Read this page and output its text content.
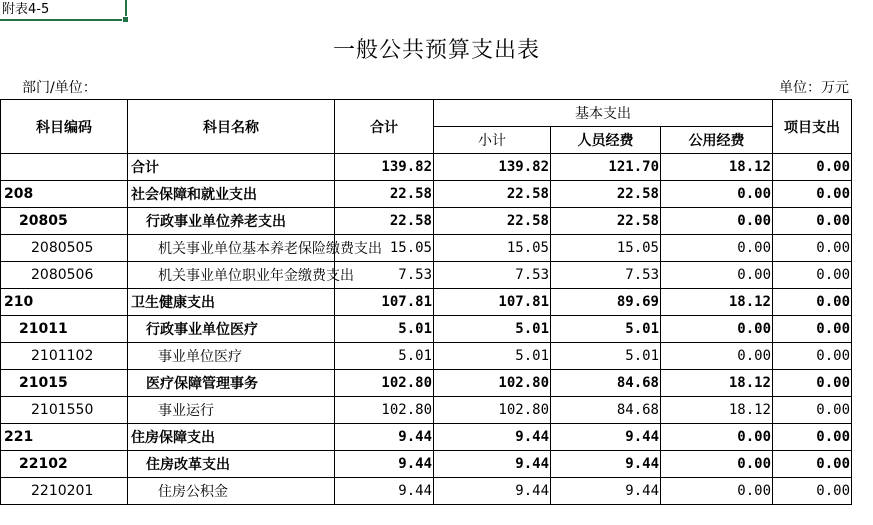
附表4-5
一般公共预算支出表
部门/单位：	单位：万元
科目编码	科目名称	合计	基本支出			项目支出
			小计	人员经费	公用经费	
	合计	139.82	139.82	121.70	18.12	0.00
208	社会保障和就业支出	22.58	22.58	22.58	0.00	0.00
20805	行政事业单位养老支出	22.58	22.58	22.58	0.00	0.00
2080505	机关事业单位基本养老保险缴费支出	15.05	15.05	15.05	0.00	0.00
2080506	机关事业单位职业年金缴费支出	7.53	7.53	7.53	0.00	0.00
210	卫生健康支出	107.81	107.81	89.69	18.12	0.00
21011	行政事业单位医疗	5.01	5.01	5.01	0.00	0.00
2101102	事业单位医疗	5.01	5.01	5.01	0.00	0.00
21015	医疗保障管理事务	102.80	102.80	84.68	18.12	0.00
2101550	事业运行	102.80	102.80	84.68	18.12	0.00
221	住房保障支出	9.44	9.44	9.44	0.00	0.00
22102	住房改革支出	9.44	9.44	9.44	0.00	0.00
2210201	住房公积金	9.44	9.44	9.44	0.00	0.00
